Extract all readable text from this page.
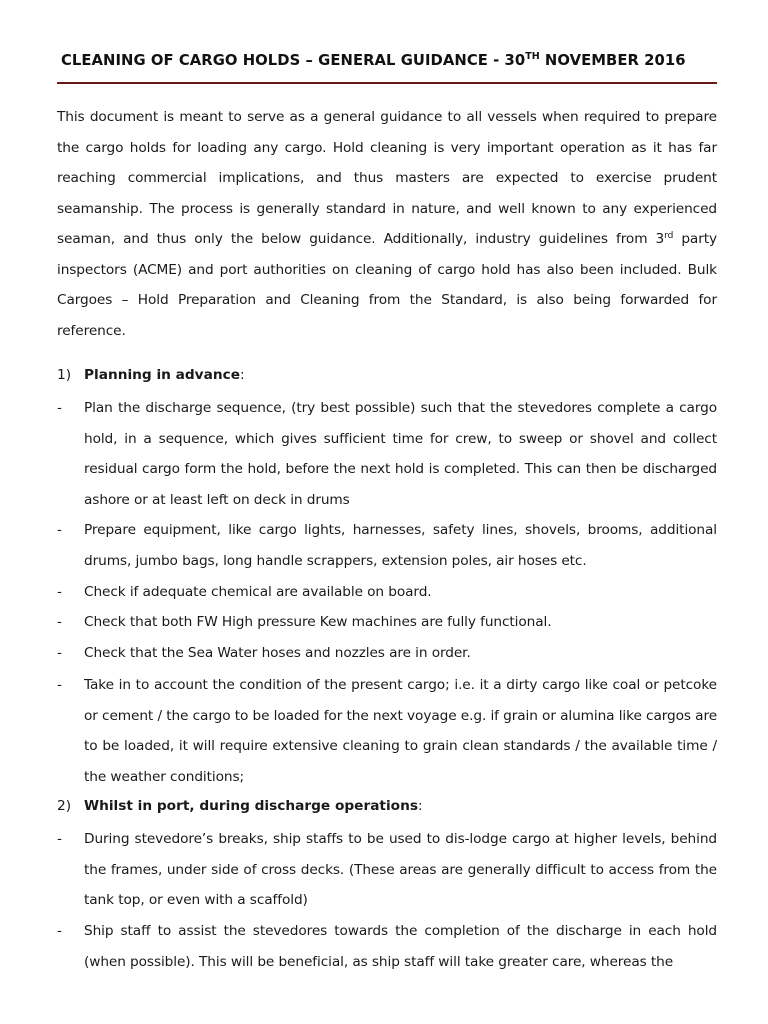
CLEANING OF CARGO HOLDS – GENERAL GUIDANCE - 30TH NOVEMBER 2016

This document is meant to serve as a general guidance to all vessels when required to prepare the cargo holds for loading any cargo. Hold cleaning is very important operation as it has far reaching commercial implications, and thus masters are expected to exercise prudent seamanship. The process is generally standard in nature, and well known to any experienced seaman, and thus only the below guidance. Additionally, industry guidelines from 3rd party inspectors (ACME) and port authorities on cleaning of cargo hold has also been included. Bulk Cargoes – Hold Preparation and Cleaning from the Standard, is also being forwarded for reference.

1) Planning in advance:
- Plan the discharge sequence, (try best possible) such that the stevedores complete a cargo hold, in a sequence, which gives sufficient time for crew, to sweep or shovel and collect residual cargo form the hold, before the next hold is completed. This can then be discharged ashore or at least left on deck in drums

- Prepare equipment, like cargo lights, harnesses, safety lines, shovels, brooms, additional drums, jumbo bags, long handle scrappers, extension poles, air hoses etc.

- Check if adequate chemical are available on board.

- Check that both FW High pressure Kew machines are fully functional.

- Check that the Sea Water hoses and nozzles are in order.

- Take in to account the condition of the present cargo; i.e. it a dirty cargo like coal or petcoke or cement / the cargo to be loaded for the next voyage e.g. if grain or alumina like cargos are to be loaded, it will require extensive cleaning to grain clean standards / the available time / the weather conditions;

2) Whilst in port, during discharge operations:
- During stevedore’s breaks, ship staffs to be used to dis-lodge cargo at higher levels, behind the frames, under side of cross decks. (These areas are generally difficult to access from the tank top, or even with a scaffold)

- Ship staff to assist the stevedores towards the completion of the discharge in each hold (when possible). This will be beneficial, as ship staff will take greater care, whereas the
